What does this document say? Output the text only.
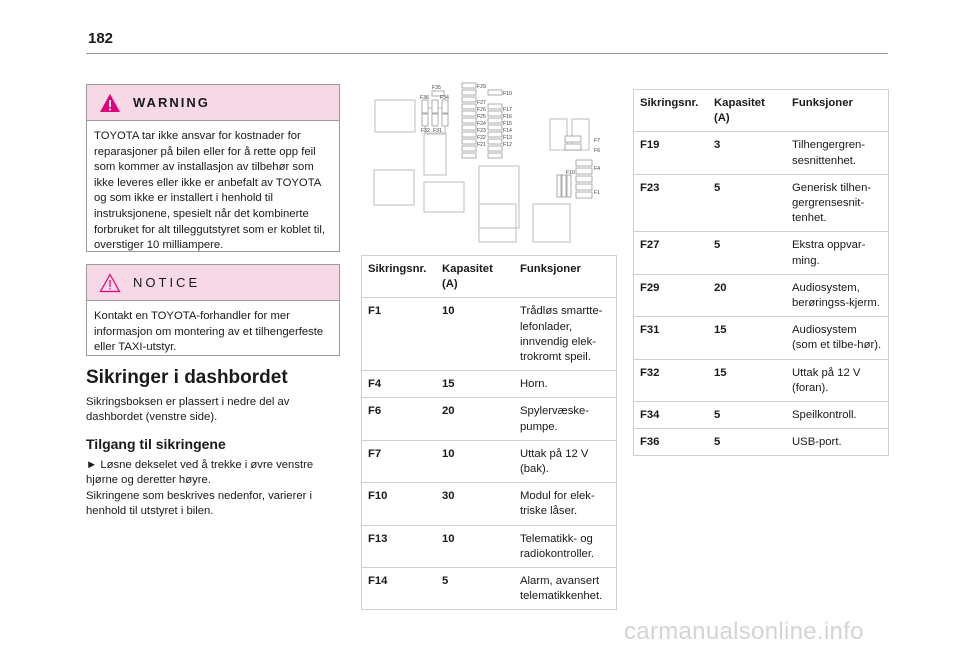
182
WARNING
TOYOTA tar ikke ansvar for kostnader for reparasjoner på bilen eller for å rette opp feil som kommer av installasjon av tilbehør som ikke leveres eller ikke er anbefalt av TOYOTA og som ikke er installert i henhold til instruksjonene, spesielt når det kombinerte forbruket for alt tilleggutstyret som er koblet til, overstiger 10 milliampere.
NOTICE
Kontakt en TOYOTA-forhandler for mer informasjon om montering av et tilhengerfeste eller TAXI-utstyr.
Sikringer i dashbordet
Sikringsboksen er plassert i nedre del av dashbordet (venstre side).
Tilgang til sikringene
► Løsne dekselet ved å trekke i øvre venstre hjørne og deretter høyre.
Sikringene som beskrives nedenfor, varierer i henhold til utstyret i bilen.
F35	F29
F19
F36 F34
F27
F26	F17
F32 F31
F25	F16
F24	F15
F23	F14
F22	F13
F21	F12
F7
F6
F10
F4
F1
Sikringsnr.	Kapasitet (A)	Funksjoner
F1	10	Trådløs smartte-lefonlader, innvendig elek-trokromt speil.
F4	15	Horn.
F6	20	Spylervæske-pumpe.
F7	10	Uttak på 12 V (bak).
F10	30	Modul for elek-triske låser.
F13	10	Telematikk- og radiokontroller.
F14	5	Alarm, avansert telematikkenhet.
Sikringsnr.	Kapasitet (A)	Funksjoner
F19	3	Tilhengergren-sesnittenhet.
F23	5	Generisk tilhen-gergrensesnit-tenhet.
F27	5	Ekstra oppvar-ming.
F29	20	Audiosystem, berøringss-kjerm.
F31	15	Audiosystem (som et tilbe-hør).
F32	15	Uttak på 12 V (foran).
F34	5	Speilkontroll.
F36	5	USB-port.
carmanualsonline.info
